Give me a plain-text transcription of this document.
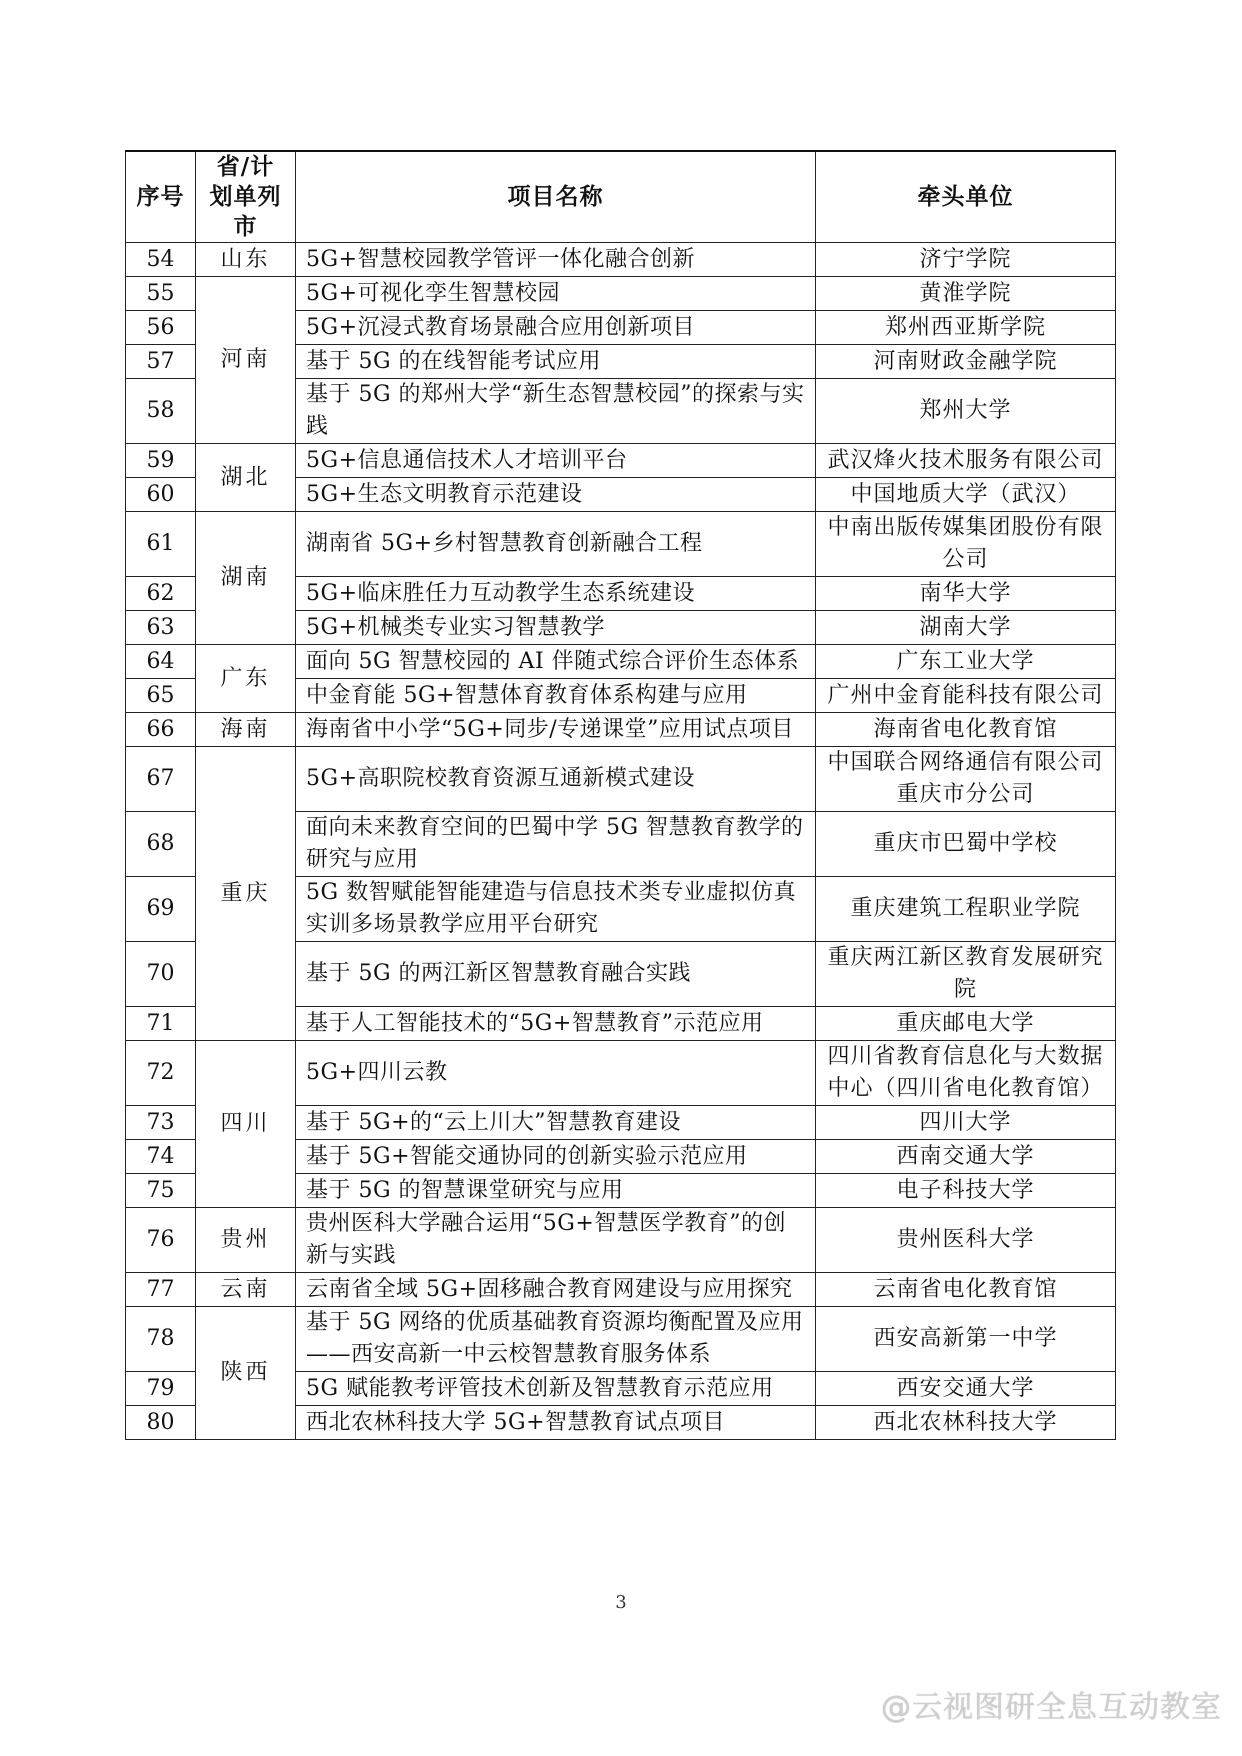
序号	省/计划单列市	项目名称	牵头单位
54	山东	5G+智慧校园教学管评一体化融合创新	济宁学院
55	河南	5G+可视化孪生智慧校园	黄淮学院
56		5G+沉浸式教育场景融合应用创新项目	郑州西亚斯学院
57		基于 5G 的在线智能考试应用	河南财政金融学院
58		基于 5G 的郑州大学“新生态智慧校园”的探索与实践	郑州大学
59	湖北	5G+信息通信技术人才培训平台	武汉烽火技术服务有限公司
60		5G+生态文明教育示范建设	中国地质大学（武汉）
61	湖南	湖南省 5G+乡村智慧教育创新融合工程	中南出版传媒集团股份有限公司
62		5G+临床胜任力互动教学生态系统建设	南华大学
63		5G+机械类专业实习智慧教学	湖南大学
64	广东	面向 5G 智慧校园的 AI 伴随式综合评价生态体系	广东工业大学
65		中金育能 5G+智慧体育教育体系构建与应用	广州中金育能科技有限公司
66	海南	海南省中小学“5G+同步/专递课堂”应用试点项目	海南省电化教育馆
67	重庆	5G+高职院校教育资源互通新模式建设	中国联合网络通信有限公司重庆市分公司
68		面向未来教育空间的巴蜀中学 5G 智慧教育教学的研究与应用	重庆市巴蜀中学校
69		5G 数智赋能智能建造与信息技术类专业虚拟仿真实训多场景教学应用平台研究	重庆建筑工程职业学院
70		基于 5G 的两江新区智慧教育融合实践	重庆两江新区教育发展研究院
71		基于人工智能技术的“5G+智慧教育”示范应用	重庆邮电大学
72	四川	5G+四川云教	四川省教育信息化与大数据中心（四川省电化教育馆）
73		基于 5G+的“云上川大”智慧教育建设	四川大学
74		基于 5G+智能交通协同的创新实验示范应用	西南交通大学
75		基于 5G 的智慧课堂研究与应用	电子科技大学
76	贵州	贵州医科大学融合运用“5G+智慧医学教育”的创新与实践	贵州医科大学
77	云南	云南省全域 5G+固移融合教育网建设与应用探究	云南省电化教育馆
78	陕西	基于 5G 网络的优质基础教育资源均衡配置及应用——西安高新一中云校智慧教育服务体系	西安高新第一中学
79		5G 赋能教考评管技术创新及智慧教育示范应用	西安交通大学
80		西北农林科技大学 5G+智慧教育试点项目	西北农林科技大学
3
@云视图研全息互动教室
